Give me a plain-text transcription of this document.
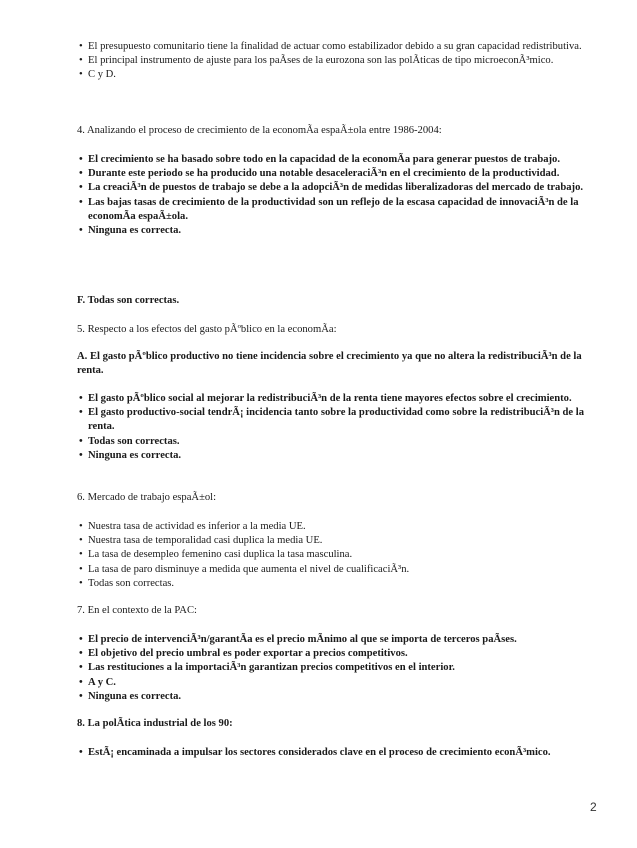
• El presupuesto comunitario tiene la finalidad de actuar como estabilizador debido a su gran capacidad redistributiva.
• El principal instrumento de ajuste para los paÃses de la eurozona son las polÃticas de tipo microeconÃ³mico.
• C y D.
4. Analizando el proceso de crecimiento de la economÃa espaÃ±ola entre 1986-2004:
• El crecimiento se ha basado sobre todo en la capacidad de la economÃa para generar puestos de trabajo.
• Durante este periodo se ha producido una notable desaceleraciÃ³n en el crecimiento de la productividad.
• La creaciÃ³n de puestos de trabajo se debe a la adopciÃ³n de medidas liberalizadoras del mercado de trabajo.
• Las bajas tasas de crecimiento de la productividad son un reflejo de la escasa capacidad de innovaciÃ³n de la economÃa espaÃ±ola.
• Ninguna es correcta.
F. Todas son correctas.
5. Respecto a los efectos del gasto pÃºblico en la economÃa:
A. El gasto pÃºblico productivo no tiene incidencia sobre el crecimiento ya que no altera la redistribuciÃ³n de la renta.
• El gasto pÃºblico social al mejorar la redistribuciÃ³n de la renta tiene mayores efectos sobre el crecimiento.
• El gasto productivo-social tendrÃ¡ incidencia tanto sobre la productividad como sobre la redistribuciÃ³n de la renta.
• Todas son correctas.
• Ninguna es correcta.
6. Mercado de trabajo espaÃ±ol:
• Nuestra tasa de actividad es inferior a la media UE.
• Nuestra tasa de temporalidad casi duplica la media UE.
• La tasa de desempleo femenino casi duplica la tasa masculina.
• La tasa de paro disminuye a medida que aumenta el nivel de cualificaciÃ³n.
• Todas son correctas.
7. En el contexto de la PAC:
• El precio de intervenciÃ³n/garantÃa es el precio mÃnimo al que se importa de terceros paÃses.
• El objetivo del precio umbral es poder exportar a precios competitivos.
• Las restituciones a la importaciÃ³n garantizan precios competitivos en el interior.
• A y C.
• Ninguna es correcta.
8. La polÃtica industrial de los 90:
• EstÃ¡ encaminada a impulsar los sectores considerados clave en el proceso de crecimiento econÃ³mico.
2
